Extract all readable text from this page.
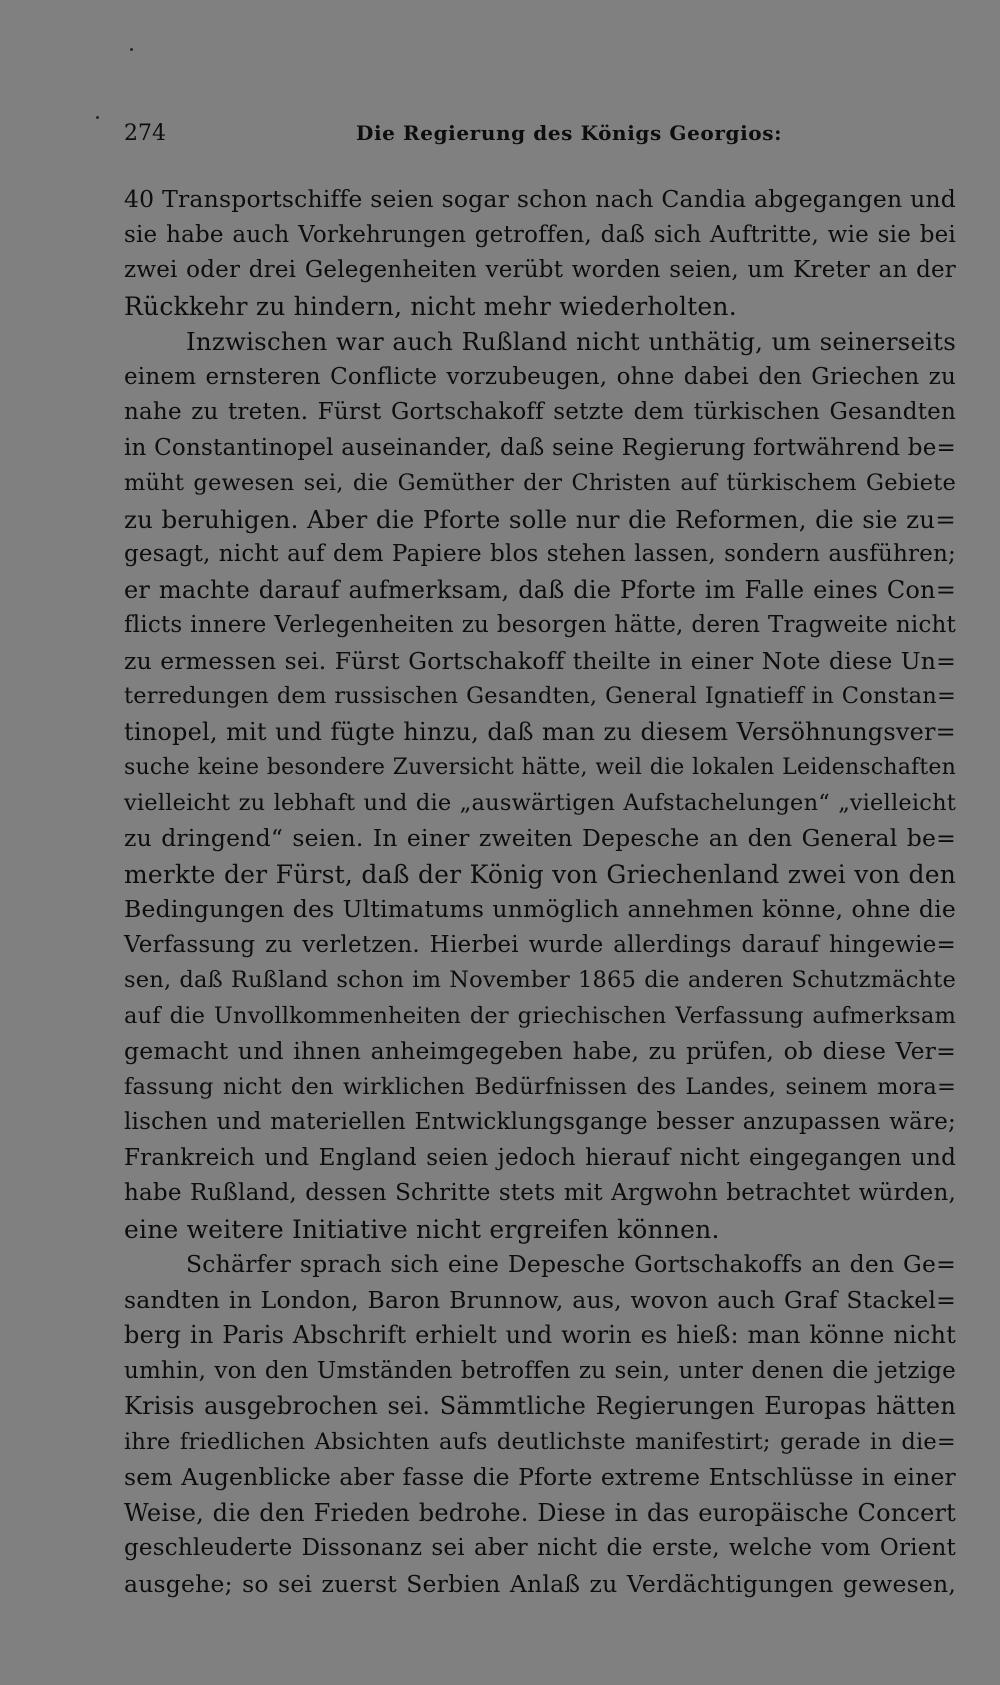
274	Die Regierung des Königs Georgios:
40 Transportschiffe seien sogar schon nach Candia abgegangen und
sie habe auch Vorkehrungen getroffen, daß sich Auftritte, wie sie bei
zwei oder drei Gelegenheiten verübt worden seien, um Kreter an der
Rückkehr zu hindern, nicht mehr wiederholten.
Inzwischen war auch Rußland nicht unthätig, um seinerseits
einem ernsteren Conflicte vorzubeugen, ohne dabei den Griechen zu
nahe zu treten. Fürst Gortschakoff setzte dem türkischen Gesandten
in Constantinopel auseinander, daß seine Regierung fortwährend be=
müht gewesen sei, die Gemüther der Christen auf türkischem Gebiete
zu beruhigen. Aber die Pforte solle nur die Reformen, die sie zu=
gesagt, nicht auf dem Papiere blos stehen lassen, sondern ausführen;
er machte darauf aufmerksam, daß die Pforte im Falle eines Con=
flicts innere Verlegenheiten zu besorgen hätte, deren Tragweite nicht
zu ermessen sei. Fürst Gortschakoff theilte in einer Note diese Un=
terredungen dem russischen Gesandten, General Ignatieff in Constan=
tinopel, mit und fügte hinzu, daß man zu diesem Versöhnungsver=
suche keine besondere Zuversicht hätte, weil die lokalen Leidenschaften
vielleicht zu lebhaft und die „auswärtigen Aufstachelungen“ „vielleicht
zu dringend“ seien. In einer zweiten Depesche an den General be=
merkte der Fürst, daß der König von Griechenland zwei von den
Bedingungen des Ultimatums unmöglich annehmen könne, ohne die
Verfassung zu verletzen. Hierbei wurde allerdings darauf hingewie=
sen, daß Rußland schon im November 1865 die anderen Schutzmächte
auf die Unvollkommenheiten der griechischen Verfassung aufmerksam
gemacht und ihnen anheimgegeben habe, zu prüfen, ob diese Ver=
fassung nicht den wirklichen Bedürfnissen des Landes, seinem mora=
lischen und materiellen Entwicklungsgange besser anzupassen wäre;
Frankreich und England seien jedoch hierauf nicht eingegangen und
habe Rußland, dessen Schritte stets mit Argwohn betrachtet würden,
eine weitere Initiative nicht ergreifen können.
Schärfer sprach sich eine Depesche Gortschakoffs an den Ge=
sandten in London, Baron Brunnow, aus, wovon auch Graf Stackel=
berg in Paris Abschrift erhielt und worin es hieß: man könne nicht
umhin, von den Umständen betroffen zu sein, unter denen die jetzige
Krisis ausgebrochen sei. Sämmtliche Regierungen Europas hätten
ihre friedlichen Absichten aufs deutlichste manifestirt; gerade in die=
sem Augenblicke aber fasse die Pforte extreme Entschlüsse in einer
Weise, die den Frieden bedrohe. Diese in das europäische Concert
geschleuderte Dissonanz sei aber nicht die erste, welche vom Orient
ausgehe; so sei zuerst Serbien Anlaß zu Verdächtigungen gewesen,
